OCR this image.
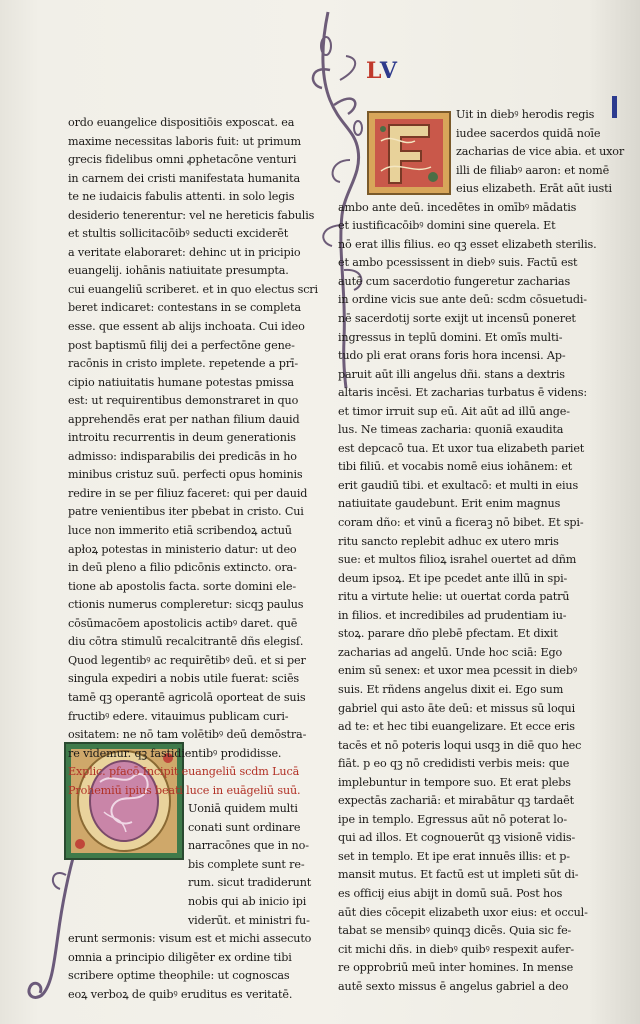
LV
ordo euangelice dispositiōis exposcat. ea
maxime necessitas laboris fuit: ut primum
grecis fidelibus omni ꝓphetacōne venturi
in carnem dei cristi manifestata humanita
te ne iudaicis fabulis attenti. in solo legis
desiderio tenerentur: vel ne hereticis fabulis
et stultis sollicitacōibꝰ seducti exciderēt
a veritate elaboraret: dehinc ut in pricipio
euangelij. iohānis natiuitate presumpta.
cui euangeliū scriberet. et in quo electus scri
beret indicaret: contestans in se completa
esse. que essent ab alijs inchoata. Cui ideo
post baptismū filij dei a perfectōne gene-
racōnis in cristo implete. repetende a prī-
cipio natiuitatis humane potestas pmissa
est: ut requirentibus demonstraret in quo
apprehendēs erat per nathan filium dauid
introitu recurrentis in deum generationis
admisso: indisparabilis dei predicās in ho
minibus cristuz suū. perfecti opus hominis
redire in se per filiuz faceret: qui per dauid
patre venientibus iter pbebat in cristo. Cui
luce non immerito etiā scribendoꝝ actuū
apłoꝝ potestas in ministerio datur: ut deo
in deū pleno a filio pdicōnis extincto. ora-
tione ab apostolis facta. sorte domini ele-
ctionis numerus compleretur: sicqꝫ paulus
cōsūmacōem apostolicis actibꝰ daret. quē
diu cōtra stimulū recalcitrantē dñs elegisſ.
Quod legentibꝰ ac requirētibꝰ deū. et si per
singula expediri a nobis utile fuerat: sciēs
tamē qꝫ operantē agricolā oporteat de suis
fructibꝰ edere. vitauimus publicam curi-
ositatem: ne nō tam volētibꝰ deū demōstra-
re videmur. qꝫ fastidientibꝰ prodidisse.
Explic. pfacō Incipit euangeliū scdm Lucā
Prohemiū ipius beati luce in euāgeliū suū.
Uoniā quidem multi
conati sunt ordinare
narracōnes que in no-
bis complete sunt re-
rum. sicut tradiderunt
nobis qui ab inicio ipi
viderūt. et ministri fu-
erunt sermonis: visum est et michi assecuto
omnia a principio diligēter ex ordine tibi
scribere optime theophile: ut cognoscas
eoꝝ verboꝝ de quibꝰ eruditus es veritatē.
Uit in diebꝰ herodis regis
iudee sacerdos quidā noīe
zacharias de vice abia. et uxor
illi de filiabꝰ aaron: et nomē
eius elizabeth. Erāt aūt iusti
ambo ante deū. incedētes in omībꝰ mādatis
et iustificacōibꝰ domini sine querela. Et
nō erat illis filius. eo qꝫ esset elizabeth sterilis.
et ambo pcessissent in diebꝰ suis. Factū est
autē cum sacerdotio fungeretur zacharias
in ordine vicis sue ante deū: scdm cōsuetudi-
nē sacerdotij sorte exijt ut incensū poneret
ingressus in teplū domini. Et omīs multi-
tudo pli erat orans foris hora incensi. Ap-
paruit aūt illi angelus dñi. stans a dextris
altaris incēsi. Et zacharias turbatus ē videns:
et timor irruit sup eū. Ait aūt ad illū ange-
lus. Ne timeas zacharia: quoniā exaudita
est depcacō tua. Et uxor tua elizabeth pariet
tibi filiū. et vocabis nomē eius iohānem: et
erit gaudiū tibi. et exultacō: et multi in eius
natiuitate gaudebunt. Erit enim magnus
coram dño: et vinū a ficeraꝫ nō bibet. Et spi-
ritu sancto replebit adhuc ex utero mris
sue: et multos filioꝝ israhel ouertet ad dñm
deum ipsoꝝ. Et ipe pcedet ante illū in spi-
ritu a virtute helie: ut ouertat corda patrū
in filios. et incredibiles ad prudentiam iu-
stoꝝ. parare dño plebē pfectam. Et dixit
zacharias ad angelū. Unde hoc sciā: Ego
enim sū senex: et uxor mea pcessit in diebꝰ
suis. Et rñdens angelus dixit ei. Ego sum
gabriel qui asto āte deū: et missus sū loqui
ad te: et hec tibi euangelizare. Et ecce eris
tacēs et nō poteris loqui usqꝫ in diē quo hec
fiāt. p eo qꝫ nō credidisti verbis meis: que
implebuntur in tempore suo. Et erat plebs
expectās zachariā: et mirabātur qꝫ tardaēt
ipe in templo. Egressus aūt nō poterat lo-
qui ad illos. Et cognouerūt qꝫ visionē vidis-
set in templo. Et ipe erat innuēs illis: et p-
mansit mutus. Et factū est ut impleti sūt di-
es officij eius abijt in domū suā. Post hos
aūt dies cōcepit elizabeth uxor eius: et occul-
tabat se mensibꝰ quinqꝫ dicēs. Quia sic fe-
cit michi dñs. in diebꝰ quibꝰ respexit aufer-
re opprobriū meū inter homines. In mense
autē sexto missus ē angelus gabriel a deo
